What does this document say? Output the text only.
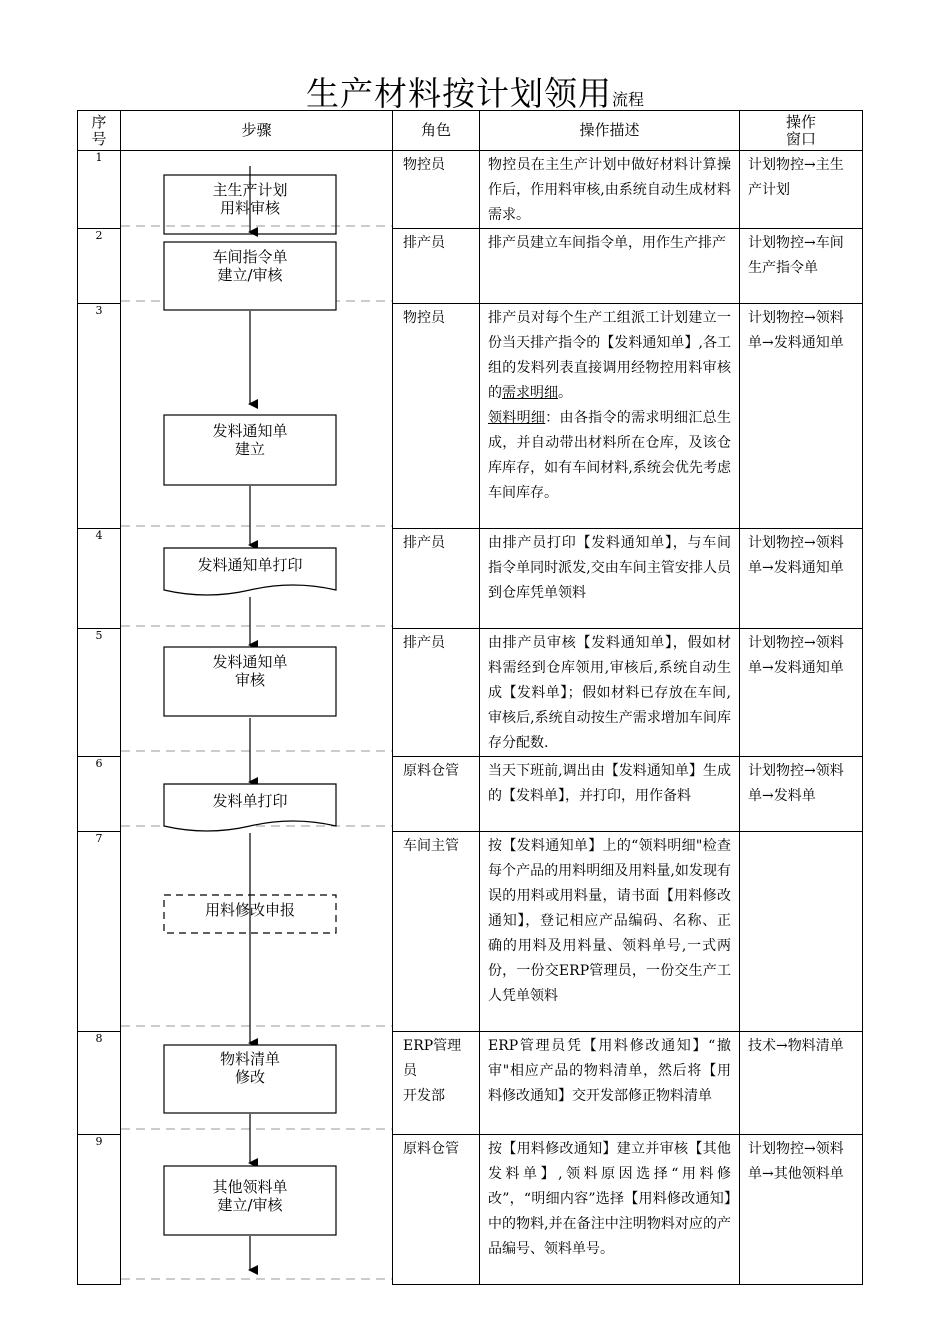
生产材料按计划领用流程
序
号	步骤	角色	操作描述	操作
窗口
1		物控员	物控员在主生产计划中做好材料计算操作后，作用料审核,由系统自动生成材料需求。	计划物控→主生产计划
2		排产员	排产员建立车间指令单，用作生产排产	计划物控→车间生产指令单
3		物控员	排产员对每个生产工组派工计划建立一份当天排产指令的【发料通知单】,各工组的发料列表直接调用经物控用料审核的需求明细。
领料明细：由各指令的需求明细汇总生成，并自动带出材料所在仓库，及该仓库库存，如有车间材料,系统会优先考虑车间库存。	计划物控→领料单→发料通知单
4		排产员	由排产员打印【发料通知单】，与车间指令单同时派发,交由车间主管安排人员到仓库凭单领料	计划物控→领料单→发料通知单
5		排产员	由排产员审核【发料通知单】，假如材料需经到仓库领用,审核后,系统自动生成【发料单】；假如材料已存放在车间,审核后,系统自动按生产需求增加车间库存分配数.	计划物控→领料单→发料通知单
6		原料仓管	当天下班前,调出由【发料通知单】生成的【发料单】，并打印，用作备料	计划物控→领料单→发料单
7		车间主管	按【发料通知单】上的“领料明细"检查每个产品的用料明细及用料量,如发现有误的用料或用料量，请书面【用料修改通知】，登记相应产品编码、名称、正确的用料及用料量、领料单号,一式两份，一份交ERP管理员，一份交生产工人凭单领料	
8		ERP管理员
开发部	ERP管理员凭【用料修改通知】“撤审"相应产品的物料清单，然后将【用料修改通知】交开发部修正物料清单	技术→物料清单
9		原料仓管	按【用料修改通知】建立并审核【其他发料单】,领料原因选择“用料修改”，“明细内容”选择【用料修改通知】中的物料,并在备注中注明物料对应的产品编号、领料单号。	计划物控→领料单→其他领料单
主生产计划
用料审核
车间指令单
建立/审核
发料通知单
建立
发料通知单打印
发料通知单
审核
发料单打印
用料修改申报
物料清单
修改
其他领料单
建立/审核
